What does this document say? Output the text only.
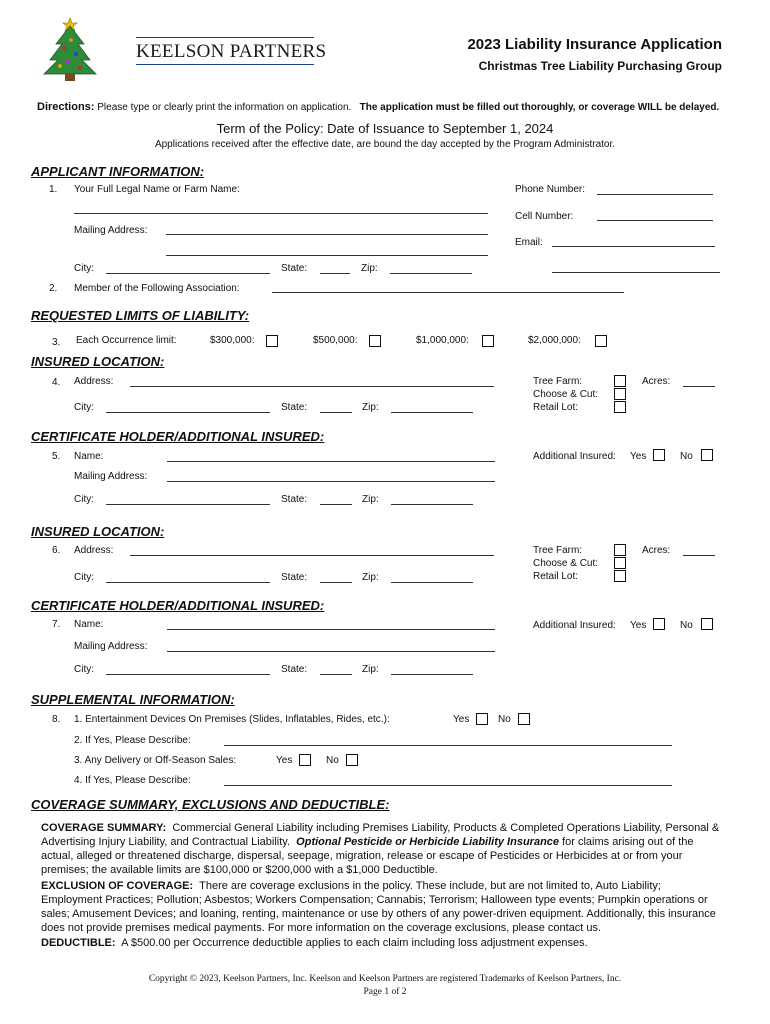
KEELSON PARTNERS	2023 Liability Insurance Application
Christmas Tree Liability Purchasing Group
Directions: Please type or clearly print the information on application. The application must be filled out thoroughly, or coverage WILL be delayed.
Term of the Policy: Date of Issuance to September 1, 2024
Applications received after the effective date, are bound the day accepted by the Program Administrator.
APPLICANT INFORMATION:
1. Your Full Legal Name or Farm Name:
Mailing Address:
City:	State:	Zip:
2. Member of the Following Association:
Phone Number:
Cell Number:
Email:
REQUESTED LIMITS OF LIABILITY:
3. Each Occurrence limit:	$300,000:	$500,000:	$1,000,000:	$2,000,000:
INSURED LOCATION:
4. Address:
City:	State:	Zip:
Tree Farm:
Choose & Cut:
Retail Lot:
Acres:
CERTIFICATE HOLDER/ADDITIONAL INSURED:
5. Name:
Mailing Address:
City:	State:	Zip:
Additional Insured: Yes	No
INSURED LOCATION:
6. Address:
City:	State:	Zip:
Tree Farm:
Choose & Cut:
Retail Lot:
Acres:
CERTIFICATE HOLDER/ADDITIONAL INSURED:
7. Name:
Mailing Address:
City:	State:	Zip:
Additional Insured: Yes	No
SUPPLEMENTAL INFORMATION:
8. 1. Entertainment Devices On Premises (Slides, Inflatables, Rides, etc.):	Yes	No
2. If Yes, Please Describe:
3. Any Delivery or Off-Season Sales:	Yes	No
4. If Yes, Please Describe:
COVERAGE SUMMARY, EXCLUSIONS AND DEDUCTIBLE:
COVERAGE SUMMARY: Commercial General Liability including Premises Liability, Products & Completed Operations Liability, Personal & Advertising Injury Liability, and Contractual Liability. Optional Pesticide or Herbicide Liability Insurance for claims arising out of the actual, alleged or threatened discharge, dispersal, seepage, migration, release or escape of Pesticides or Herbicides at or from your premises; the available limits are $100,000 or $200,000 with a $1,000 Deductible.
EXCLUSION OF COVERAGE: There are coverage exclusions in the policy. These include, but are not limited to, Auto Liability; Employment Practices; Pollution; Asbestos; Workers Compensation; Cannabis; Terrorism; Halloween type events; Pumpkin operations or sales; Amusement Devices; and loaning, renting, maintenance or use by others of any power-driven equipment. Additionally, this insurance does not provide premises medical payments. For more information on the coverage exclusions, please contact us.
DEDUCTIBLE: A $500.00 per Occurrence deductible applies to each claim including loss adjustment expenses.
Copyright © 2023, Keelson Partners, Inc. Keelson and Keelson Partners are registered Trademarks of Keelson Partners, Inc.
Page 1 of 2
